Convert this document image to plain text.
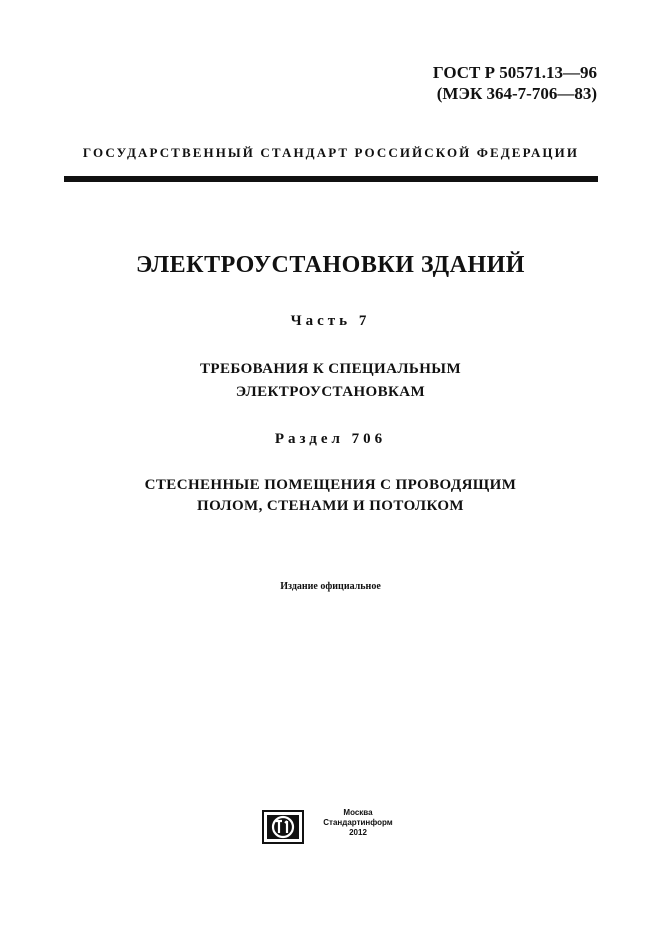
ГОСТ Р 50571.13—96
(МЭК 364-7-706—83)
ГОСУДАРСТВЕННЫЙ СТАНДАРТ РОССИЙСКОЙ ФЕДЕРАЦИИ
ЭЛЕКТРОУСТАНОВКИ ЗДАНИЙ
Часть 7
ТРЕБОВАНИЯ К СПЕЦИАЛЬНЫМ
ЭЛЕКТРОУСТАНОВКАМ
Раздел 706
СТЕСНЕННЫЕ ПОМЕЩЕНИЯ С ПРОВОДЯЩИМ
ПОЛОМ, СТЕНАМИ И ПОТОЛКОМ
Издание официальное
Москва
Стандартинформ
2012
